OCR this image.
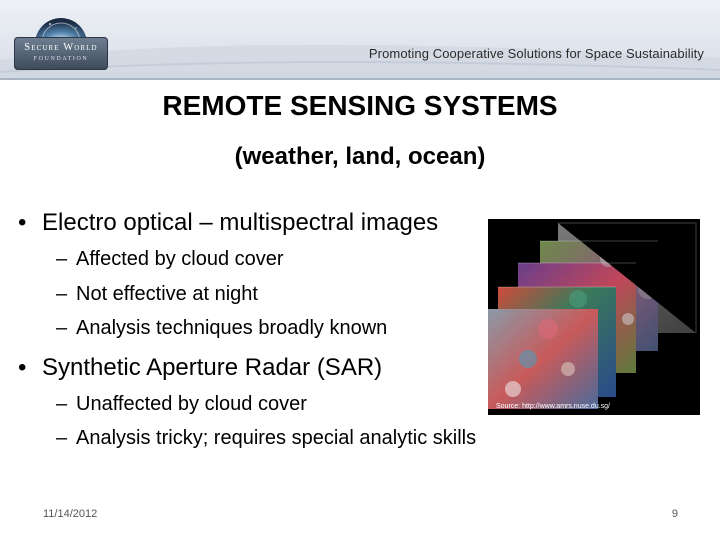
Secure World
FOUNDATION	Promoting Cooperative Solutions for Space Sustainability
REMOTE SENSING SYSTEMS
(weather, land, ocean)
• Electro optical – multispectral images
– Affected by cloud cover
– Not effective at night
– Analysis techniques broadly known
• Synthetic Aperture Radar (SAR)
– Unaffected by cloud cover
– Analysis tricky; requires special analytic skills
Source: http://www.amrs.nuse.du.sg/
11/14/2012	9
